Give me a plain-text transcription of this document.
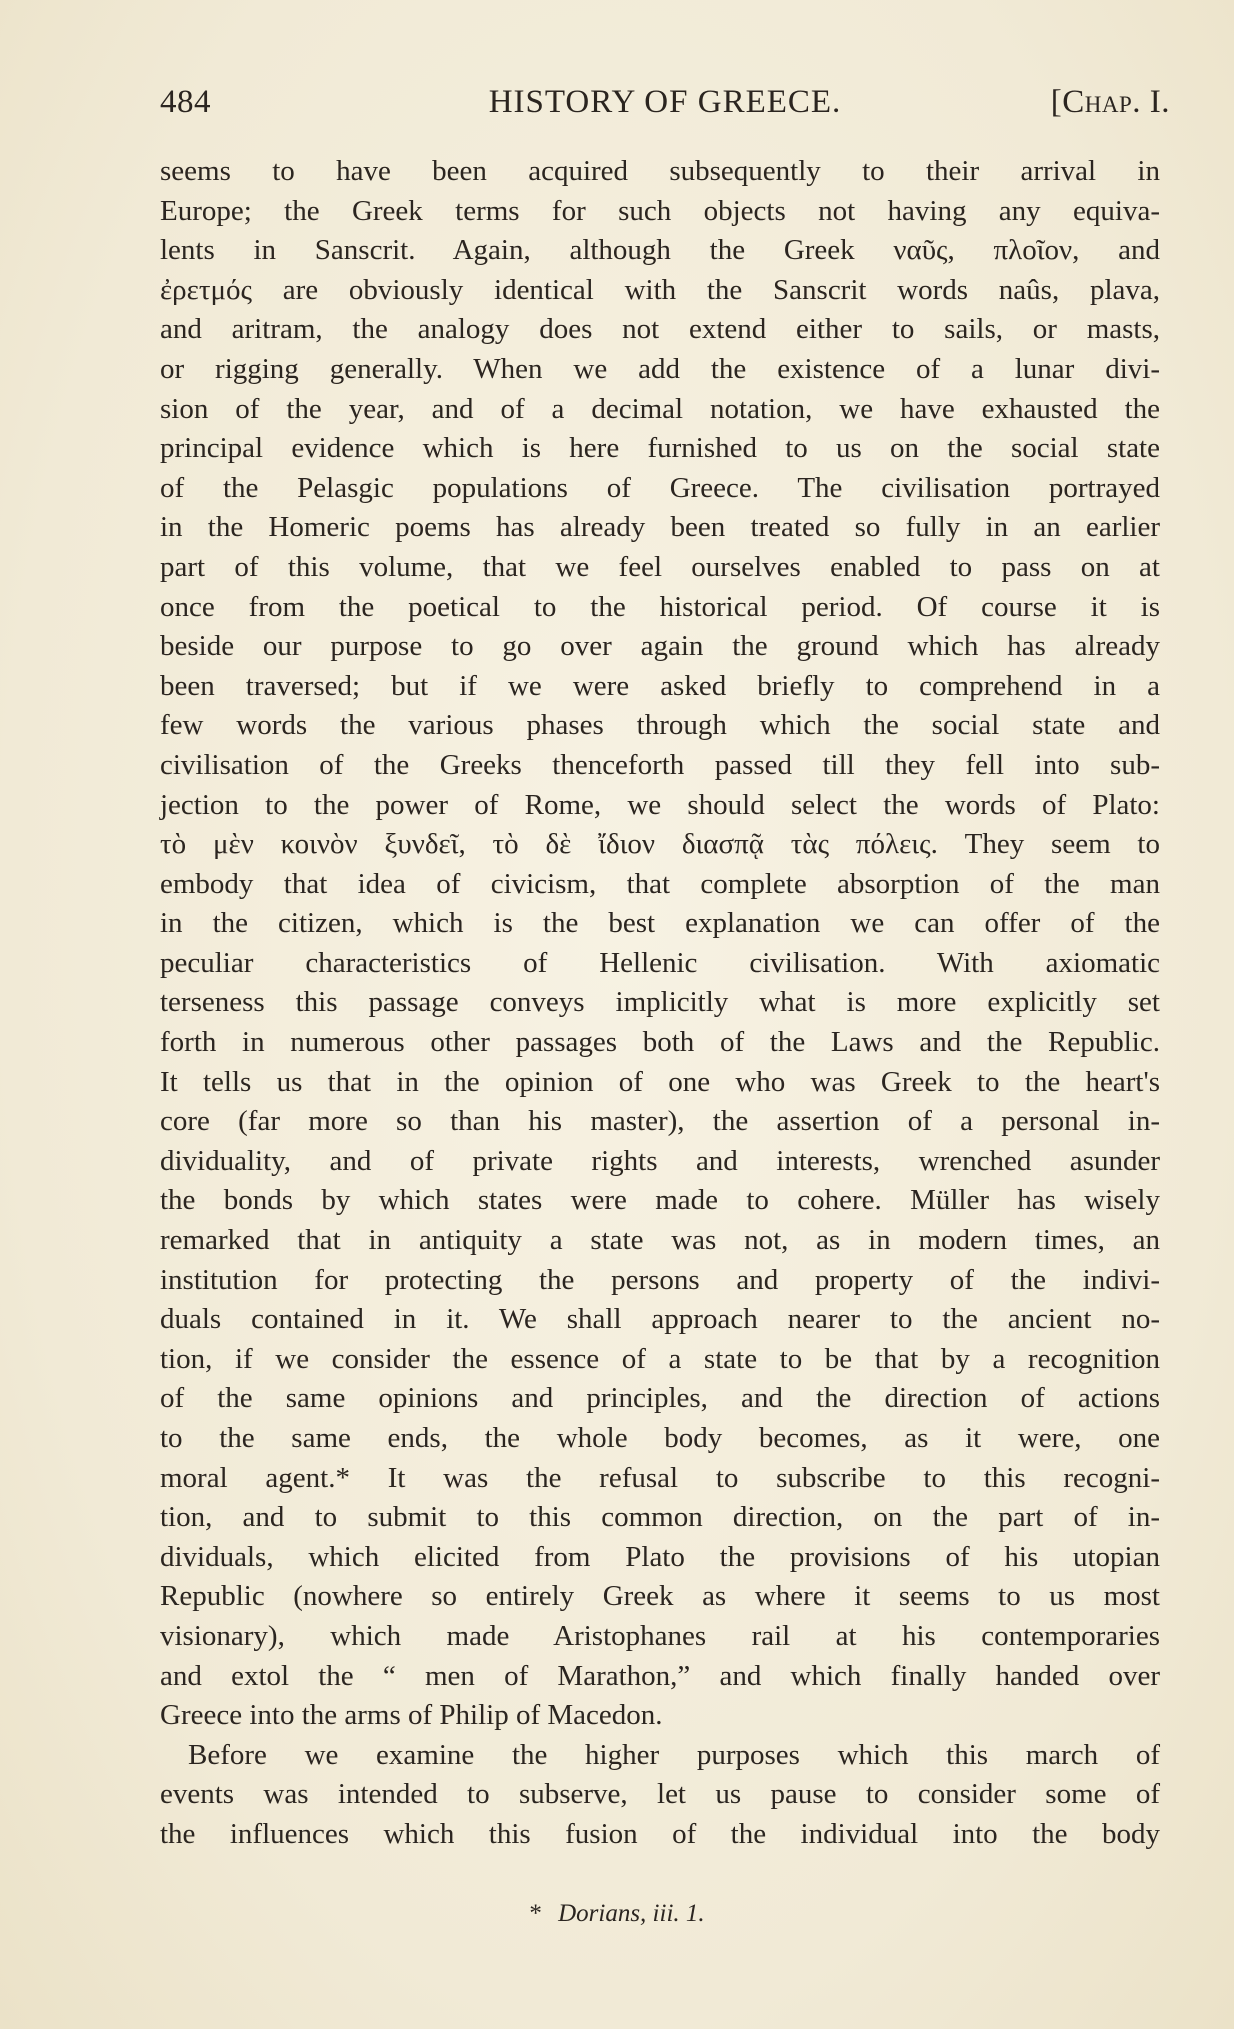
484	HISTORY OF GREECE.	[Chap. I.
seems to have been acquired subsequently to their arrival in
Europe; the Greek terms for such objects not having any equiva-
lents in Sanscrit. Again, although the Greek ναῦς, πλοῖον, and
ἐρετμός are obviously identical with the Sanscrit words naûs, plava,
and aritram, the analogy does not extend either to sails, or masts,
or rigging generally. When we add the existence of a lunar divi-
sion of the year, and of a decimal notation, we have exhausted the
principal evidence which is here furnished to us on the social state
of the Pelasgic populations of Greece. The civilisation portrayed
in the Homeric poems has already been treated so fully in an earlier
part of this volume, that we feel ourselves enabled to pass on at
once from the poetical to the historical period. Of course it is
beside our purpose to go over again the ground which has already
been traversed; but if we were asked briefly to comprehend in a
few words the various phases through which the social state and
civilisation of the Greeks thenceforth passed till they fell into sub-
jection to the power of Rome, we should select the words of Plato:
τὸ μὲν κοινὸν ξυνδεῖ, τὸ δὲ ἴδιον διασπᾷ τὰς πόλεις. They seem to
embody that idea of civicism, that complete absorption of the man
in the citizen, which is the best explanation we can offer of the
peculiar characteristics of Hellenic civilisation. With axiomatic
terseness this passage conveys implicitly what is more explicitly set
forth in numerous other passages both of the Laws and the Republic.
It tells us that in the opinion of one who was Greek to the heart's
core (far more so than his master), the assertion of a personal in-
dividuality, and of private rights and interests, wrenched asunder
the bonds by which states were made to cohere. Müller has wisely
remarked that in antiquity a state was not, as in modern times, an
institution for protecting the persons and property of the indivi-
duals contained in it. We shall approach nearer to the ancient no-
tion, if we consider the essence of a state to be that by a recognition
of the same opinions and principles, and the direction of actions
to the same ends, the whole body becomes, as it were, one
moral agent.* It was the refusal to subscribe to this recogni-
tion, and to submit to this common direction, on the part of in-
dividuals, which elicited from Plato the provisions of his utopian
Republic (nowhere so entirely Greek as where it seems to us most
visionary), which made Aristophanes rail at his contemporaries
and extol the “ men of Marathon,” and which finally handed over
Greece into the arms of Philip of Macedon.
Before we examine the higher purposes which this march of
events was intended to subserve, let us pause to consider some of
the influences which this fusion of the individual into the body
* Dorians, iii. 1.
